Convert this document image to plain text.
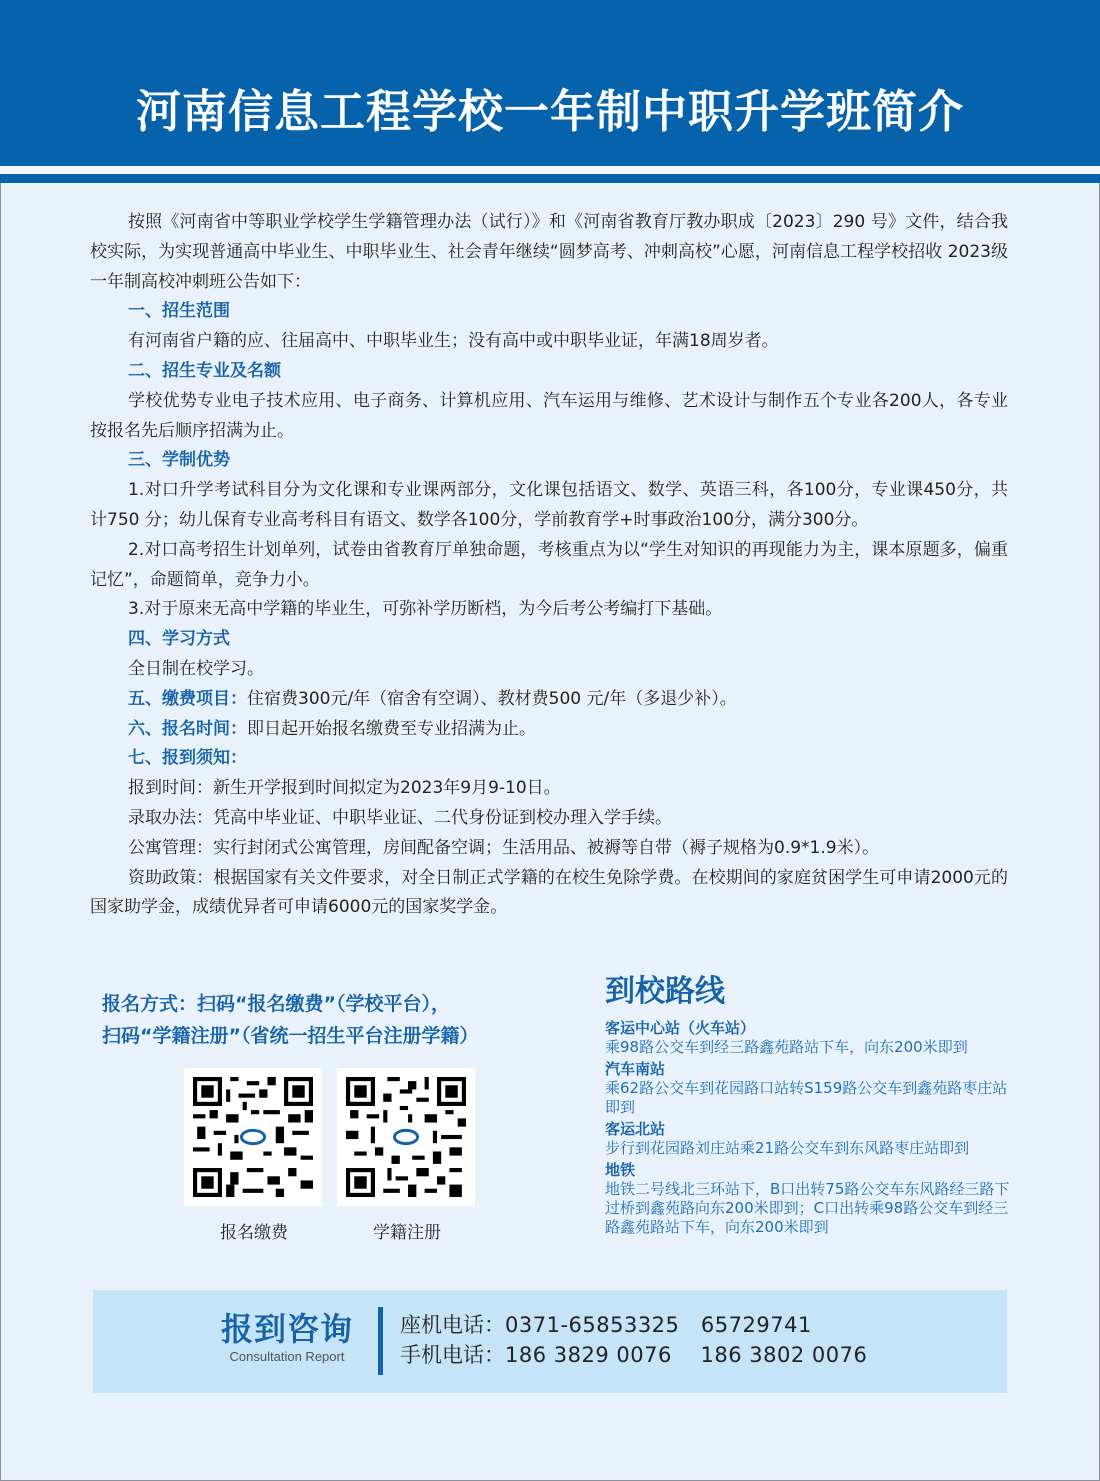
河南信息工程学校一年制中职升学班简介

按照《河南省中等职业学校学生学籍管理办法（试行）》和《河南省教育厅教办职成〔2023〕290 号》文件，结合我校实际，为实现普通高中毕业生、中职毕业生、社会青年继续“圆梦高考、冲刺高校”心愿，河南信息工程学校招收 2023级一年制高校冲刺班公告如下：

一、招生范围

有河南省户籍的应、往届高中、中职毕业生；没有高中或中职毕业证，年满18周岁者。

二、招生专业及名额

学校优势专业电子技术应用、电子商务、计算机应用、汽车运用与维修、艺术设计与制作五个专业各200人，各专业按报名先后顺序招满为止。

三、学制优势

1.对口升学考试科目分为文化课和专业课两部分，文化课包括语文、数学、英语三科，各100分，专业课450分，共计750 分；幼儿保育专业高考科目有语文、数学各100分，学前教育学+时事政治100分，满分300分。

2.对口高考招生计划单列，试卷由省教育厅单独命题，考核重点为以“学生对知识的再现能力为主，课本原题多，偏重记忆”，命题简单，竞争力小。

3.对于原来无高中学籍的毕业生，可弥补学历断档，为今后考公考编打下基础。

四、学习方式

全日制在校学习。

五、缴费项目：住宿费300元/年（宿舍有空调）、教材费500 元/年（多退少补）。

六、报名时间：即日起开始报名缴费至专业招满为止。

七、报到须知：

报到时间：新生开学报到时间拟定为2023年9月9-10日。

录取办法：凭高中毕业证、中职毕业证、二代身份证到校办理入学手续。

公寓管理：实行封闭式公寓管理，房间配备空调；生活用品、被褥等自带（褥子规格为0.9*1.9米）。

资助政策：根据国家有关文件要求，对全日制正式学籍的在校生免除学费。在校期间的家庭贫困学生可申请2000元的国家助学金，成绩优异者可申请6000元的国家奖学金。

报名方式：扫码“报名缴费”（学校平台），
扫码“学籍注册”（省统一招生平台注册学籍）
报名缴费	学籍注册
到校路线
客运中心站（火车站）
乘98路公交车到经三路鑫苑路站下车，向东200米即到
汽车南站
乘62路公交车到花园路口站转S159路公交车到鑫苑路枣庄站即到
客运北站
步行到花园路刘庄站乘21路公交车到东风路枣庄站即到
地铁
地铁二号线北三环站下，B口出转75路公交车东风路经三路下过桥到鑫苑路向东200米即到；C口出转乘98路公交车到经三路鑫苑路站下车，向东200米即到
报到咨询
Consultation Report
座机电话：0371-65853325   65729741
手机电话：186 3829 0076    186 3802 0076
